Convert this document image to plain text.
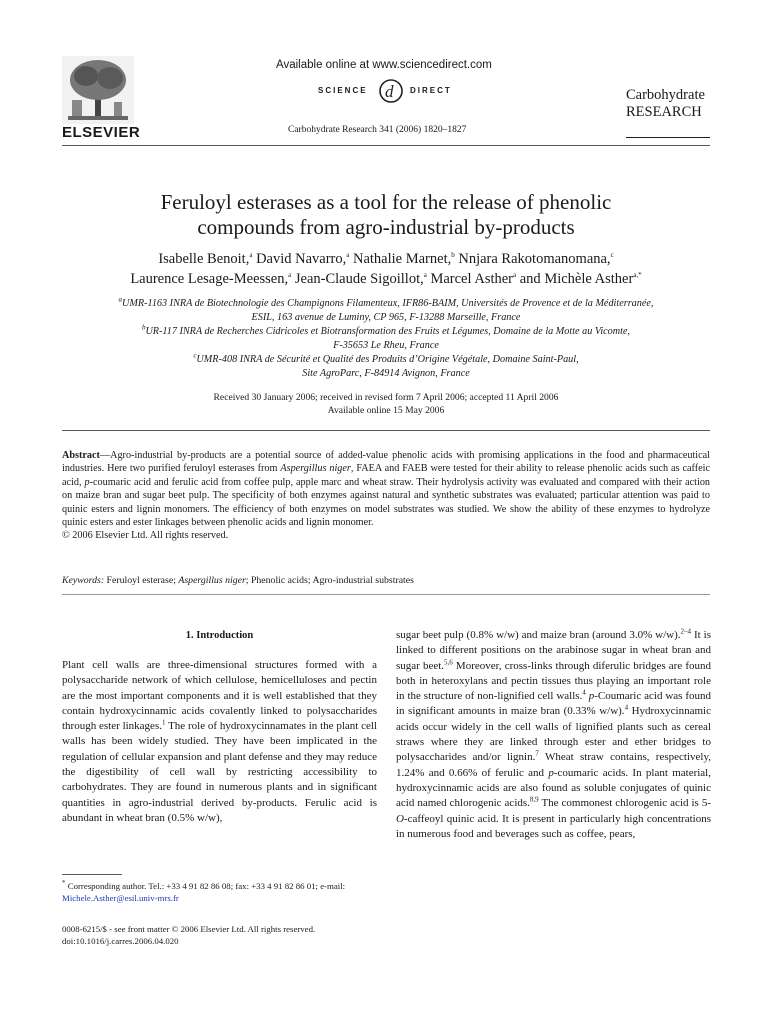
ELSEVIER
Available online at www.sciencedirect.com
SCIENCE d DIRECT
Carbohydrate Research 341 (2006) 1820–1827
Carbohydrate
RESEARCH
Feruloyl esterases as a tool for the release of phenolic
compounds from agro-industrial by-products
Isabelle Benoit,$^a$ David Navarro,$^a$ Nathalie Marnet,$^b$ Nnjara Rakotomanomana,$^c$
Laurence Lesage-Meessen,$^a$ Jean-Claude Sigoillot,$^a$ Marcel Asther$^a$ and Michèle Asther$^{a,*}$
$^a$UMR-1163 INRA de Biotechnologie des Champignons Filamenteux, IFR86-BAIM, Universités de Provence et de la Méditerranée,
ESIL, 163 avenue de Luminy, CP 965, F-13288 Marseille, France
$^b$UR-117 INRA de Recherches Cidricoles et Biotransformation des Fruits et Légumes, Domaine de la Motte au Vicomte,
F-35653 Le Rheu, France
$^c$UMR-408 INRA de Sécurité et Qualité des Produits d’Origine Végétale, Domaine Saint-Paul,
Site AgroParc, F-84914 Avignon, France
Received 30 January 2006; received in revised form 7 April 2006; accepted 11 April 2006
Available online 15 May 2006
Abstract—Agro-industrial by-products are a potential source of added-value phenolic acids with promising applications in the food and pharmaceutical industries. Here two purified feruloyl esterases from Aspergillus niger, FAEA and FAEB were tested for their ability to release phenolic acids such as caffeic acid, p-coumaric acid and ferulic acid from coffee pulp, apple marc and wheat straw. Their hydrolysis activity was evaluated and compared with their action on maize bran and sugar beet pulp. The specificity of both enzymes against natural and synthetic substrates was evaluated; particular attention was paid to quinic esters and lignin monomers. The efficiency of both enzymes on model substrates was studied. We show the ability of these enzymes to hydrolyze quinic esters and ester linkages between phenolic acids and lignin monomer.
© 2006 Elsevier Ltd. All rights reserved.
Keywords: Feruloyl esterase; Aspergillus niger; Phenolic acids; Agro-industrial substrates
1. Introduction
Plant cell walls are three-dimensional structures formed with a polysaccharide network of which cellulose, hemicelluloses and pectin are the most important components and it is well established that they contain hydroxycinnamic acids covalently linked to polysaccharides through ester linkages.$^1$ The role of hydroxycinnamates in the plant cell walls has been widely studied. They have been implicated in the regulation of cellular expansion and plant defense and they may reduce the digestibility of cell wall by restricting accessibility to carbohydrates. They are found in numerous plants and in significant quantities in agro-industrial derived by-products. Ferulic acid is abundant in wheat bran (0.5% w/w),
sugar beet pulp (0.8% w/w) and maize bran (around 3.0% w/w).$^{2-4}$ It is linked to different positions on the arabinose sugar in wheat bran and sugar beet.$^{5,6}$ Moreover, cross-links through diferulic bridges are found both in heteroxylans and pectin tissues thus playing an important role in the structure of non-lignified cell walls.$^4$ p-Coumaric acid was found in significant amounts in maize bran (0.33% w/w).$^4$ Hydroxycinnamic acids occur widely in the cell walls of lignified plants such as cereal straws where they are linked through ester and ether bridges to polysaccharides and/or lignin.$^7$ Wheat straw contains, respectively, 1.24% and 0.66% of ferulic and p-coumaric acids. In plant material, hydroxycinnamic acids are also found as soluble conjugates of quinic acid named chlorogenic acids.$^{8,9}$ The commonest chlorogenic acid is 5-O-caffeoyl quinic acid. It is present in particularly high concentrations in numerous food and beverages such as coffee, pears,
* Corresponding author. Tel.: +33 4 91 82 86 08; fax: +33 4 91 82 86 01; e-mail: Michele.Asther@esil.univ-mrs.fr
0008-6215/$ - see front matter © 2006 Elsevier Ltd. All rights reserved.
doi:10.1016/j.carres.2006.04.020
